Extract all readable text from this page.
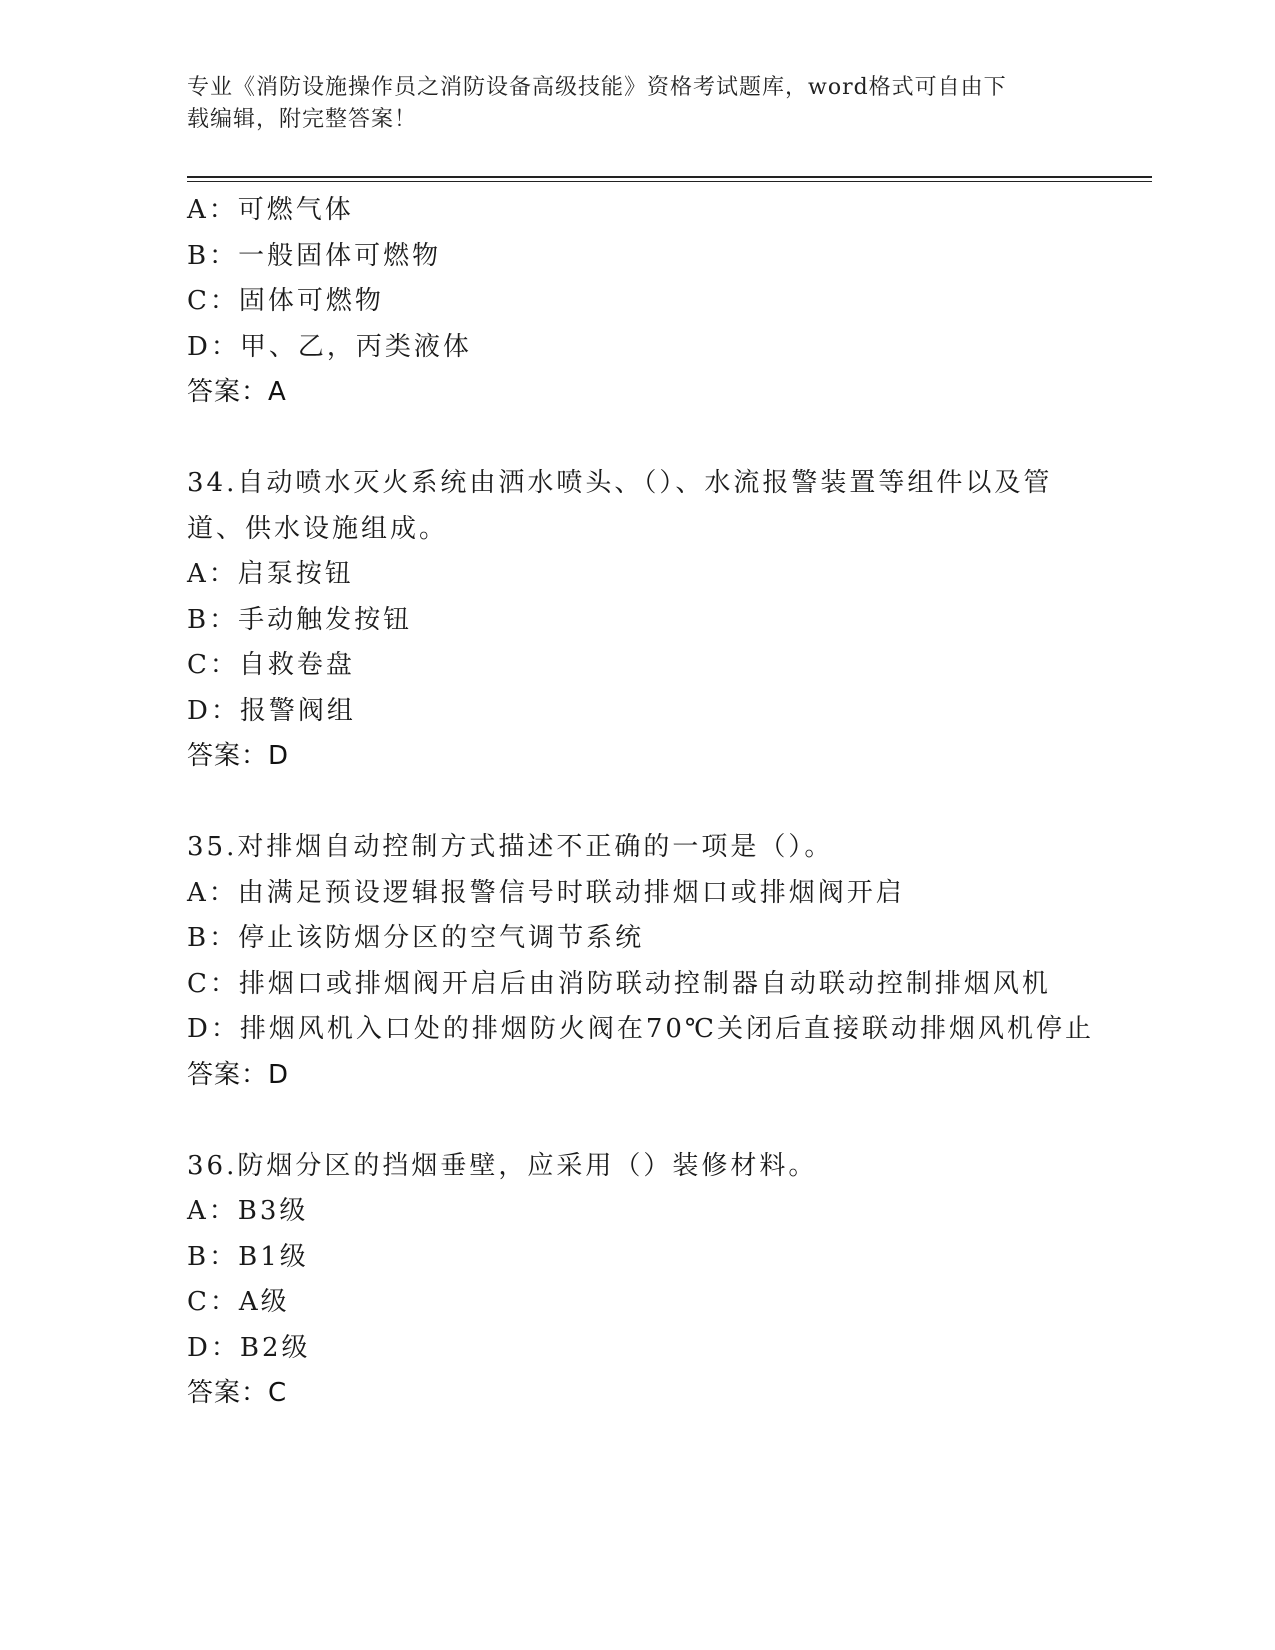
专业《消防设施操作员之消防设备高级技能》资格考试题库，word格式可自由下
载编辑，附完整答案！
A：可燃气体
B：一般固体可燃物
C：固体可燃物
D：甲、乙，丙类液体
答案：A
34.自动喷水灭火系统由洒水喷头、（）、水流报警装置等组件以及管
道、供水设施组成。
A：启泵按钮
B：手动触发按钮
C：自救卷盘
D：报警阀组
答案：D
35.对排烟自动控制方式描述不正确的一项是（）。
A：由满足预设逻辑报警信号时联动排烟口或排烟阀开启
B：停止该防烟分区的空气调节系统
C：排烟口或排烟阀开启后由消防联动控制器自动联动控制排烟风机
D：排烟风机入口处的排烟防火阀在70℃关闭后直接联动排烟风机停止
答案：D
36.防烟分区的挡烟垂壁，应采用（）装修材料。
A：B3级
B：B1级
C：A级
D：B2级
答案：C
